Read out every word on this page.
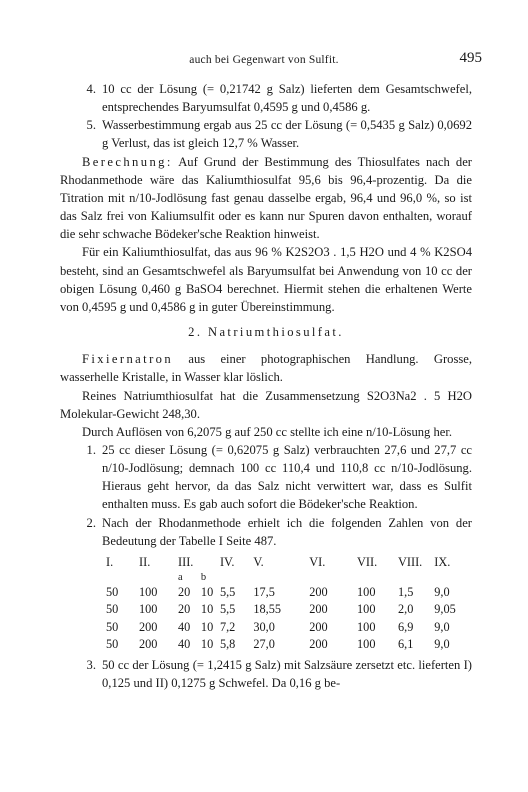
auch bei Gegenwart von Sulfit.	495

4. 10 cc der Lösung (= 0,21742 g Salz) lieferten dem Gesamtschwefel, entsprechendes Baryumsulfat 0,4595 g und 0,4586 g.

5. Wasserbestimmung ergab aus 25 cc der Lösung (= 0,5435 g Salz) 0,0692 g Verlust, das ist gleich 12,7 % Wasser.

Berechnung: Auf Grund der Bestimmung des Thiosulfates nach der Rhodanmethode wäre das Kaliumthiosulfat 95,6 bis 96,4-prozentig. Da die Titration mit n/10-Jodlösung fast genau dasselbe ergab, 96,4 und 96,0 %, so ist das Salz frei von Kaliumsulfit oder es kann nur Spuren davon enthalten, worauf die sehr schwache Bödeker'sche Reaktion hinweist.

Für ein Kaliumthiosulfat, das aus 96 % K2S2O3 . 1,5 H2O und 4 % K2SO4 besteht, sind an Gesamtschwefel als Baryumsulfat bei Anwendung von 10 cc der obigen Lösung 0,460 g BaSO4 berechnet. Hiermit stehen die erhaltenen Werte von 0,4595 g und 0,4586 g in guter Übereinstimmung.

2. Natriumthiosulfat.

Fixiernatron aus einer photographischen Handlung. Grosse, wasserhelle Kristalle, in Wasser klar löslich.

Reines Natriumthiosulfat hat die Zusammensetzung S2O3Na2 . 5 H2O Molekular-Gewicht 248,30.

Durch Auflösen von 6,2075 g auf 250 cc stellte ich eine n/10-Lösung her.

1. 25 cc dieser Lösung (= 0,62075 g Salz) verbrauchten 27,6 und 27,7 cc n/10-Jodlösung; demnach 100 cc 110,4 und 110,8 cc n/10-Jodlösung. Hieraus geht hervor, da das Salz nicht verwittert war, dass es Sulfit enthalten muss. Es gab auch sofort die Bödeker'sche Reaktion.

2. Nach der Rhodanmethode erhielt ich die folgenden Zahlen von der Bedeutung der Tabelle I Seite 487.

I.	II.	III.		IV.	V.	VI.	VII.	VIII.	IX.
		a	b						
50	100	20	10	5,5	17,5	200	100	1,5	9,0
50	100	20	10	5,5	18,55	200	100	2,0	9,05
50	200	40	10	7,2	30,0	200	100	6,9	9,0
50	200	40	10	5,8	27,0	200	100	6,1	9,0

3. 50 cc der Lösung (= 1,2415 g Salz) mit Salzsäure zersetzt etc. lieferten I) 0,125 und II) 0,1275 g Schwefel. Da 0,16 g be-
